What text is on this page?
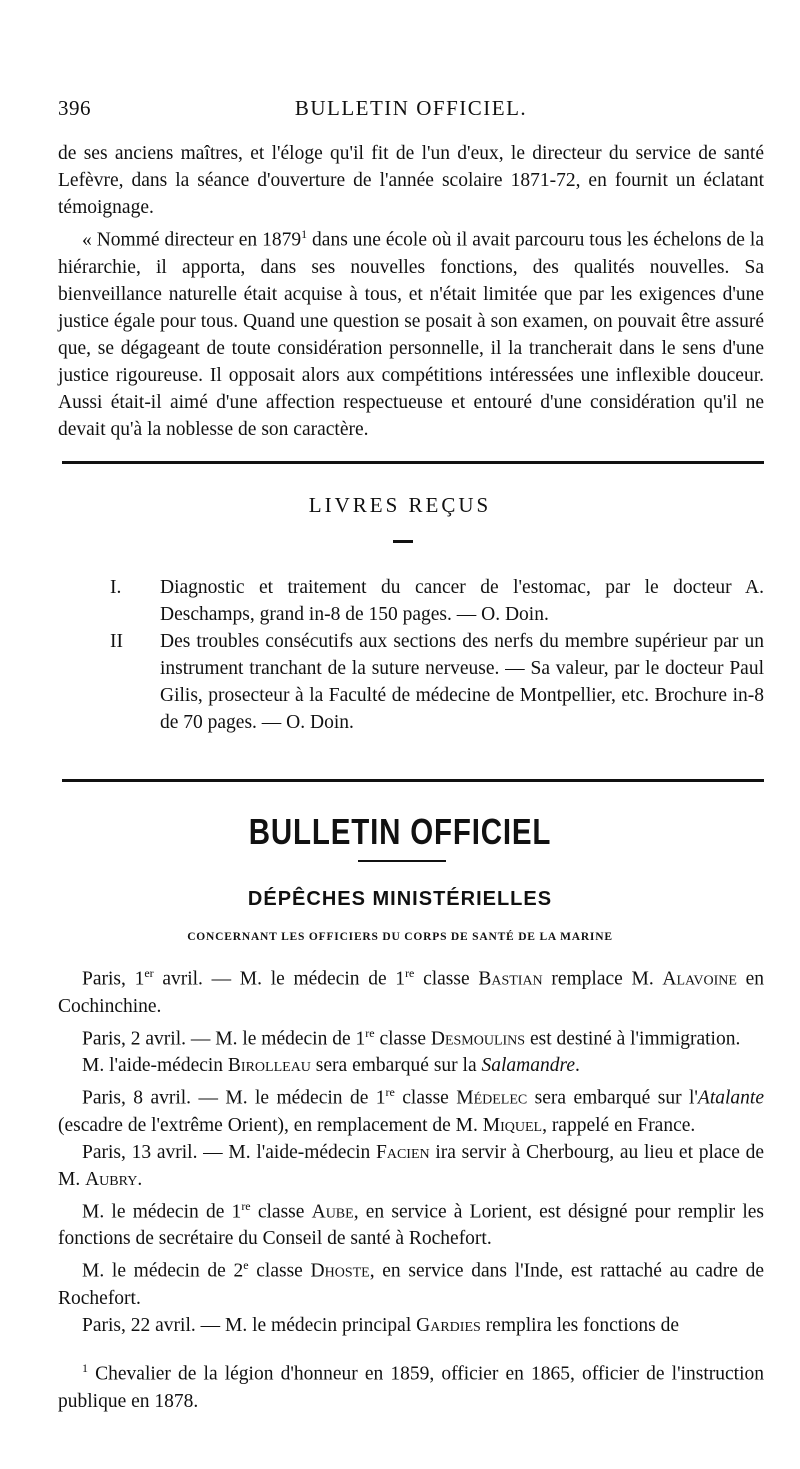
396	BULLETIN OFFICIEL.

de ses anciens maîtres, et l'éloge qu'il fit de l'un d'eux, le directeur du service de santé Lefèvre, dans la séance d'ouverture de l'année scolaire 1871-72, en fournit un éclatant témoignage.

« Nommé directeur en 1879$^1$ dans une école où il avait parcouru tous les échelons de la hiérarchie, il apporta, dans ses nouvelles fonctions, des qualités nouvelles. Sa bienveillance naturelle était acquise à tous, et n'était limitée que par les exigences d'une justice égale pour tous. Quand une question se posait à son examen, on pouvait être assuré que, se dégageant de toute considération personnelle, il la trancherait dans le sens d'une justice rigoureuse. Il opposait alors aux compétitions intéressées une inflexible douceur. Aussi était-il aimé d'une affection respectueuse et entouré d'une considération qu'il ne devait qu'à la noblesse de son caractère.

LIVRES REÇUS
I. Diagnostic et traitement du cancer de l'estomac, par le docteur A. Deschamps, grand in-8 de 150 pages. — O. Doin.

II Des troubles consécutifs aux sections des nerfs du membre supérieur par un instrument tranchant de la suture nerveuse. — Sa valeur, par le docteur Paul Gilis, prosecteur à la Faculté de médecine de Montpellier, etc. Brochure in-8 de 70 pages. — O. Doin.

BULLETIN OFFICIEL
DÉPÊCHES MINISTÉRIELLES
CONCERNANT LES OFFICIERS DU CORPS DE SANTÉ DE LA MARINE

Paris, 1er avril. — M. le médecin de 1re classe Bastian remplace M. Alavoine en Cochinchine.

Paris, 2 avril. — M. le médecin de 1re classe Desmoulins est destiné à l'immigration.

M. l'aide-médecin Birolleau sera embarqué sur la Salamandre.

Paris, 8 avril. — M. le médecin de 1re classe Médelec sera embarqué sur l'Atalante (escadre de l'extrême Orient), en remplacement de M. Miquel, rappelé en France.

Paris, 13 avril. — M. l'aide-médecin Facien ira servir à Cherbourg, au lieu et place de M. Aubry.

M. le médecin de 1re classe Aube, en service à Lorient, est désigné pour remplir les fonctions de secrétaire du Conseil de santé à Rochefort.

M. le médecin de 2e classe Dhoste, en service dans l'Inde, est rattaché au cadre de Rochefort.

Paris, 22 avril. — M. le médecin principal Gardies remplira les fonctions de

$^1$ Chevalier de la légion d'honneur en 1859, officier en 1865, officier de l'instruction publique en 1878.
